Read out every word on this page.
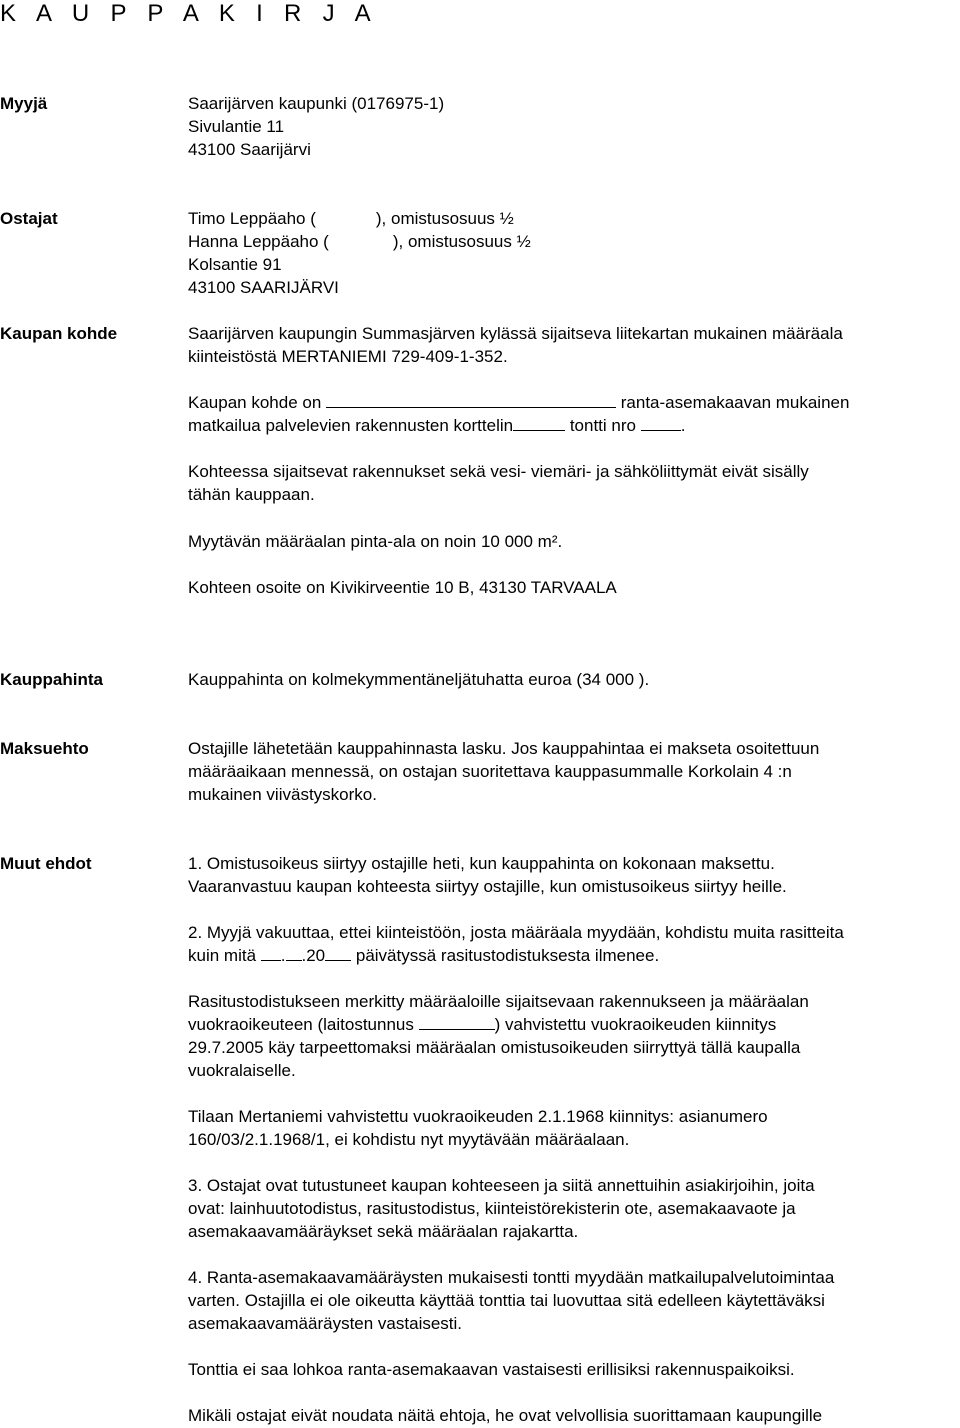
K A U P P A K I R J A
Myyjä	Saarijärven kaupunki (0176975-1)
Sivulantie 11
43100 Saarijärvi
Ostajat	Timo Leppäaho (	), omistusosuus ½
Hanna Leppäaho (	), omistusosuus ½
Kolsantie 91
43100 SAARIJÄRVI
Kaupan kohde	Saarijärven kaupungin Summasjärven kylässä sijaitseva liitekartan mukainen määräala
kiinteistöstä MERTANIEMI 729-409-1-352.
Kaupan kohde on	ranta-asemakaavan mukainen
matkailua palvelevien rakennusten korttelin	tontti nro	.
Kohteessa sijaitsevat rakennukset sekä vesi- viemäri- ja sähköliittymät eivät sisälly
tähän kauppaan.
Myytävän määräalan pinta-ala on noin 10 000 m².
Kohteen osoite on Kivikirveentie 10 B, 43130 TARVAALA
Kauppahinta	Kauppahinta on kolmekymmentäneljätuhatta euroa (34 000 ).
Maksuehto	Ostajille lähetetään kauppahinnasta lasku. Jos kauppahintaa ei makseta osoitettuun
määräaikaan mennessä, on ostajan suoritettava kauppasummalle Korkolain 4 :n
mukainen viivästyskorko.
Muut ehdot	1. Omistusoikeus siirtyy ostajille heti, kun kauppahinta on kokonaan maksettu.
Vaaranvastuu kaupan kohteesta siirtyy ostajille, kun omistusoikeus siirtyy heille.
2. Myyjä vakuuttaa, ettei kiinteistöön, josta määräala myydään, kohdistu muita rasitteita
kuin mitä . .20 päivätyssä rasitustodistuksesta ilmenee.
Rasitustodistukseen merkitty määräaloille sijaitsevaan rakennukseen ja määräalan
vuokraoikeuteen (laitostunnus	) vahvistettu vuokraoikeuden kiinnitys
29.7.2005 käy tarpeettomaksi määräalan omistusoikeuden siirryttyä tällä kaupalla
vuokralaiselle.
Tilaan Mertaniemi vahvistettu vuokraoikeuden 2.1.1968 kiinnitys: asianumero
160/03/2.1.1968/1, ei kohdistu nyt myytävään määräalaan.
3. Ostajat ovat tutustuneet kaupan kohteeseen ja siitä annettuihin asiakirjoihin, joita
ovat: lainhuutotodistus, rasitustodistus, kiinteistörekisterin ote, asemakaavaote ja
asemakaavamääräykset sekä määräalan rajakartta.
4. Ranta-asemakaavamääräysten mukaisesti tontti myydään matkailupalvelutoimintaa
varten. Ostajilla ei ole oikeutta käyttää tonttia tai luovuttaa sitä edelleen käytettäväksi
asemakaavamääräysten vastaisesti.
Tonttia ei saa lohkoa ranta-asemakaavan vastaisesti erillisiksi rakennuspaikoiksi.
Mikäli ostajat eivät noudata näitä ehtoja, he ovat velvollisia suorittamaan kaupungille
